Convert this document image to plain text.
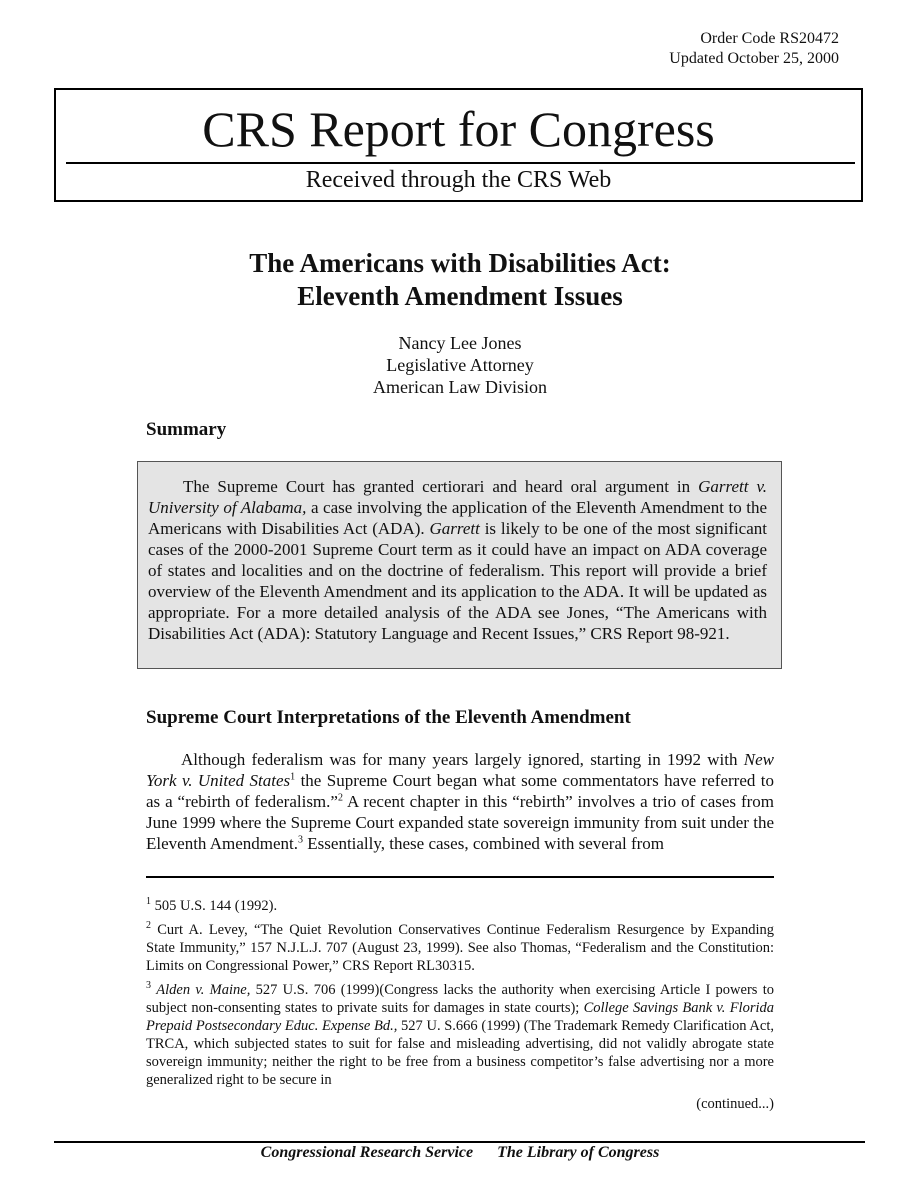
Order Code RS20472
Updated October 25, 2000
CRS Report for Congress
Received through the CRS Web
The Americans with Disabilities Act:
Eleventh Amendment Issues
Nancy Lee Jones
Legislative Attorney
American Law Division
Summary
The Supreme Court has granted certiorari and heard oral argument in Garrett v. University of Alabama, a case involving the application of the Eleventh Amendment to the Americans with Disabilities Act (ADA). Garrett is likely to be one of the most significant cases of the 2000-2001 Supreme Court term as it could have an impact on ADA coverage of states and localities and on the doctrine of federalism. This report will provide a brief overview of the Eleventh Amendment and its application to the ADA. It will be updated as appropriate. For a more detailed analysis of the ADA see Jones, “The Americans with Disabilities Act (ADA): Statutory Language and Recent Issues,” CRS Report 98-921.
Supreme Court Interpretations of the Eleventh Amendment
Although federalism was for many years largely ignored, starting in 1992 with New York v. United States$^1$ the Supreme Court began what some commentators have referred to as a “rebirth of federalism.”$^2$ A recent chapter in this “rebirth” involves a trio of cases from June 1999 where the Supreme Court expanded state sovereign immunity from suit under the Eleventh Amendment.$^3$ Essentially, these cases, combined with several from
$^1$ 505 U.S. 144 (1992).
$^2$ Curt A. Levey, “The Quiet Revolution Conservatives Continue Federalism Resurgence by Expanding State Immunity,” 157 N.J.L.J. 707 (August 23, 1999). See also Thomas, “Federalism and the Constitution: Limits on Congressional Power,” CRS Report RL30315.
$^3$ Alden v. Maine, 527 U.S. 706 (1999)(Congress lacks the authority when exercising Article I powers to subject non-consenting states to private suits for damages in state courts); College Savings Bank v. Florida Prepaid Postsecondary Educ. Expense Bd., 527 U. S.666 (1999) (The Trademark Remedy Clarification Act, TRCA, which subjected states to suit for false and misleading advertising, did not validly abrogate state sovereign immunity; neither the right to be free from a business competitor’s false advertising nor a more generalized right to be secure in
(continued...)
Congressional Research Service The Library of Congress
